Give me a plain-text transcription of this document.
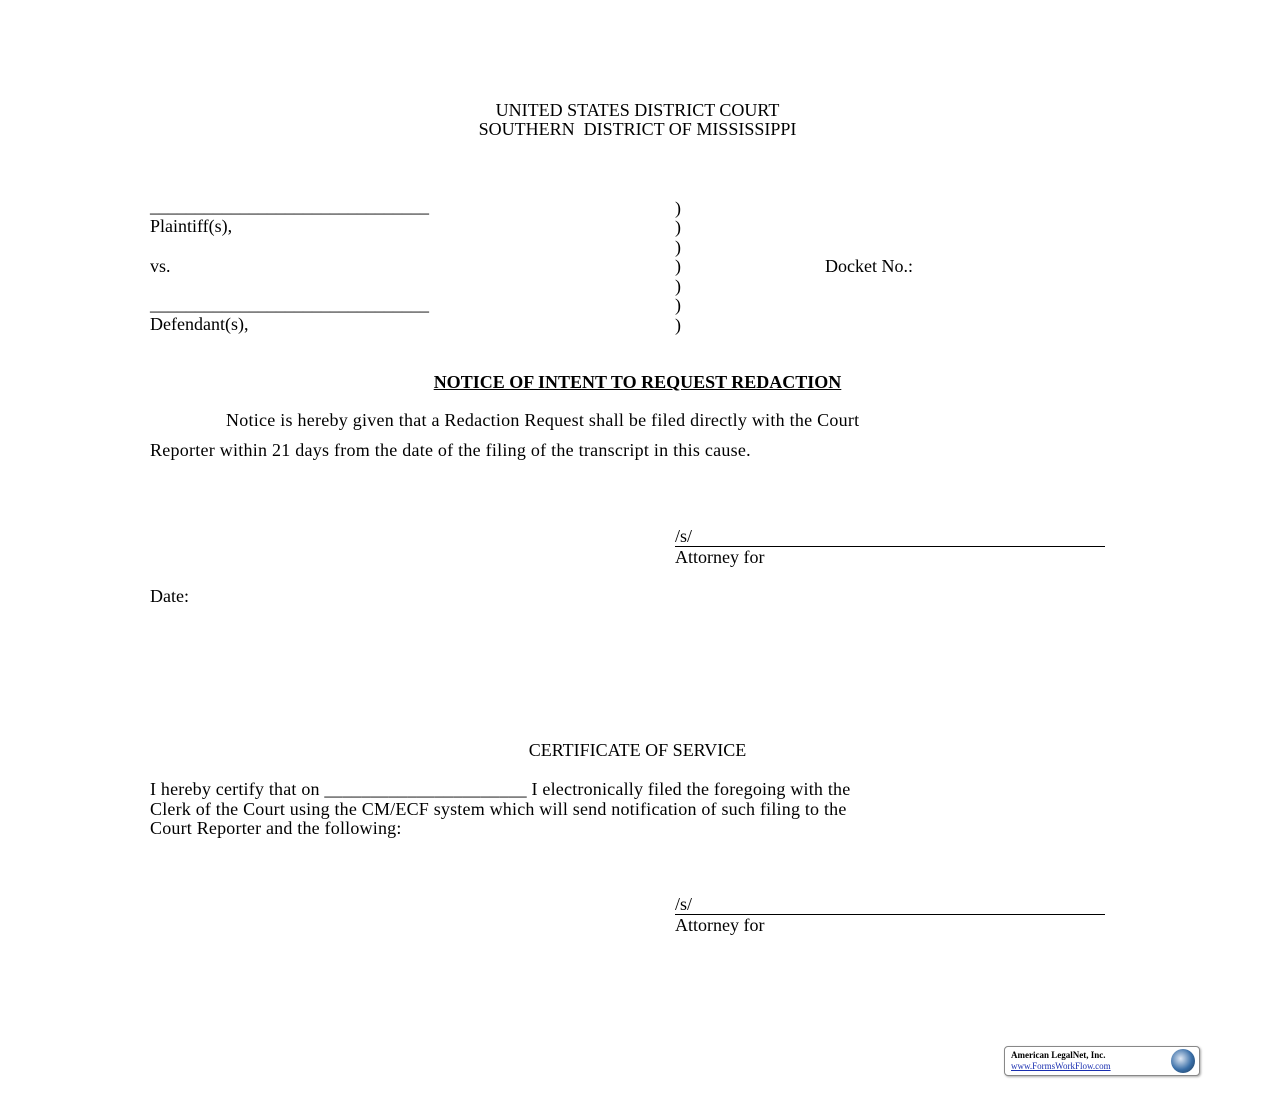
UNITED STATES DISTRICT COURT
SOUTHERN  DISTRICT OF MISSISSIPPI
_______________________________
Plaintiff(s),
vs.
_______________________________
Defendant(s),
)
)
)
)
)
)
)
Docket No.:
NOTICE OF INTENT TO REQUEST REDACTION
Notice is hereby given that a Redaction Request shall be filed directly with the Court
Reporter within 21 days from the date of the filing of the transcript in this cause.
/s/
Attorney for
Date:
CERTIFICATE OF SERVICE
I hereby certify that on ______________________ I electronically filed the foregoing with the
Clerk of the Court using the CM/ECF system which will send notification of such filing to the
Court Reporter and the following:
/s/
Attorney for
American LegalNet, Inc.
www.FormsWorkFlow.com
